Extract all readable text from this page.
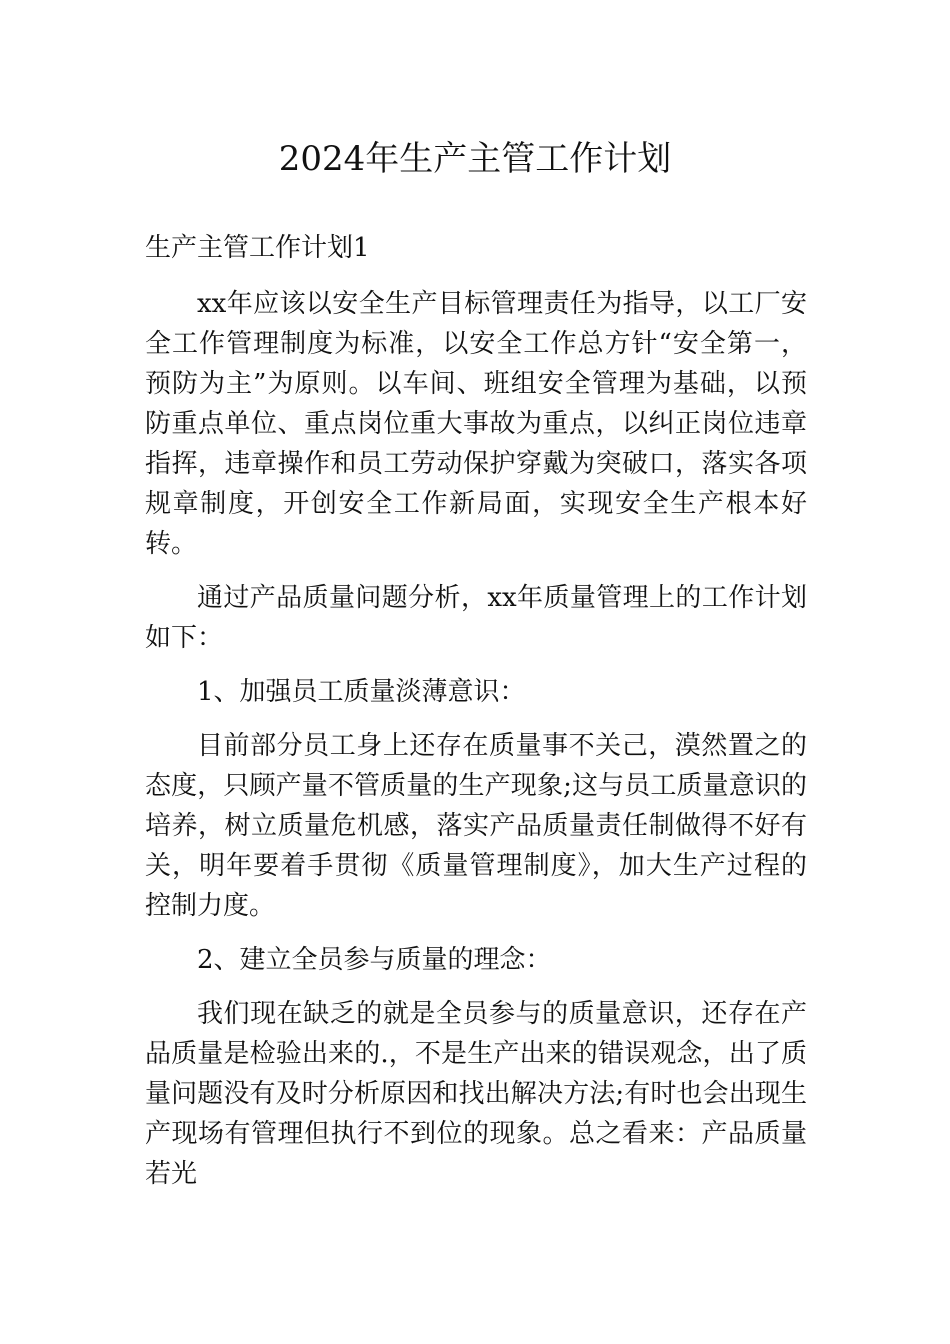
2024年生产主管工作计划
生产主管工作计划1

xx年应该以安全生产目标管理责任为指导，以工厂安全工作管理制度为标准，以安全工作总方针“安全第一，预防为主”为原则。以车间、班组安全管理为基础，以预防重点单位、重点岗位重大事故为重点，以纠正岗位违章指挥，违章操作和员工劳动保护穿戴为突破口，落实各项规章制度，开创安全工作新局面，实现安全生产根本好转。

通过产品质量问题分析，xx年质量管理上的工作计划如下：

1、加强员工质量淡薄意识：

目前部分员工身上还存在质量事不关己，漠然置之的态度，只顾产量不管质量的生产现象;这与员工质量意识的培养，树立质量危机感，落实产品质量责任制做得不好有关，明年要着手贯彻《质量管理制度》，加大生产过程的控制力度。

2、建立全员参与质量的理念：

我们现在缺乏的就是全员参与的质量意识，还存在产品质量是检验出来的.，不是生产出来的错误观念，出了质量问题没有及时分析原因和找出解决方法;有时也会出现生产现场有管理但执行不到位的现象。总之看来：产品质量若光
